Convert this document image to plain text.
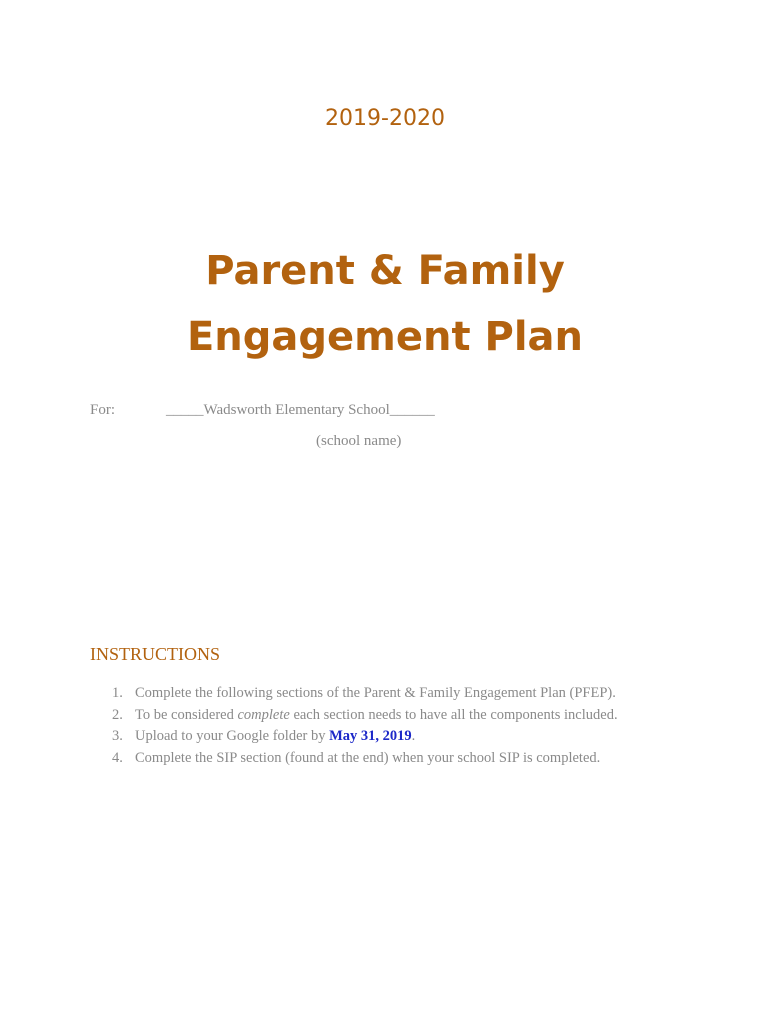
2019-2020
Parent & Family
Engagement Plan
For:	_____Wadsworth Elementary School______
(school name)
INSTRUCTIONS
1. Complete the following sections of the Parent & Family Engagement Plan (PFEP).
2. To be considered complete each section needs to have all the components included.
3. Upload to your Google folder by May 31, 2019.
4. Complete the SIP section (found at the end) when your school SIP is completed.
